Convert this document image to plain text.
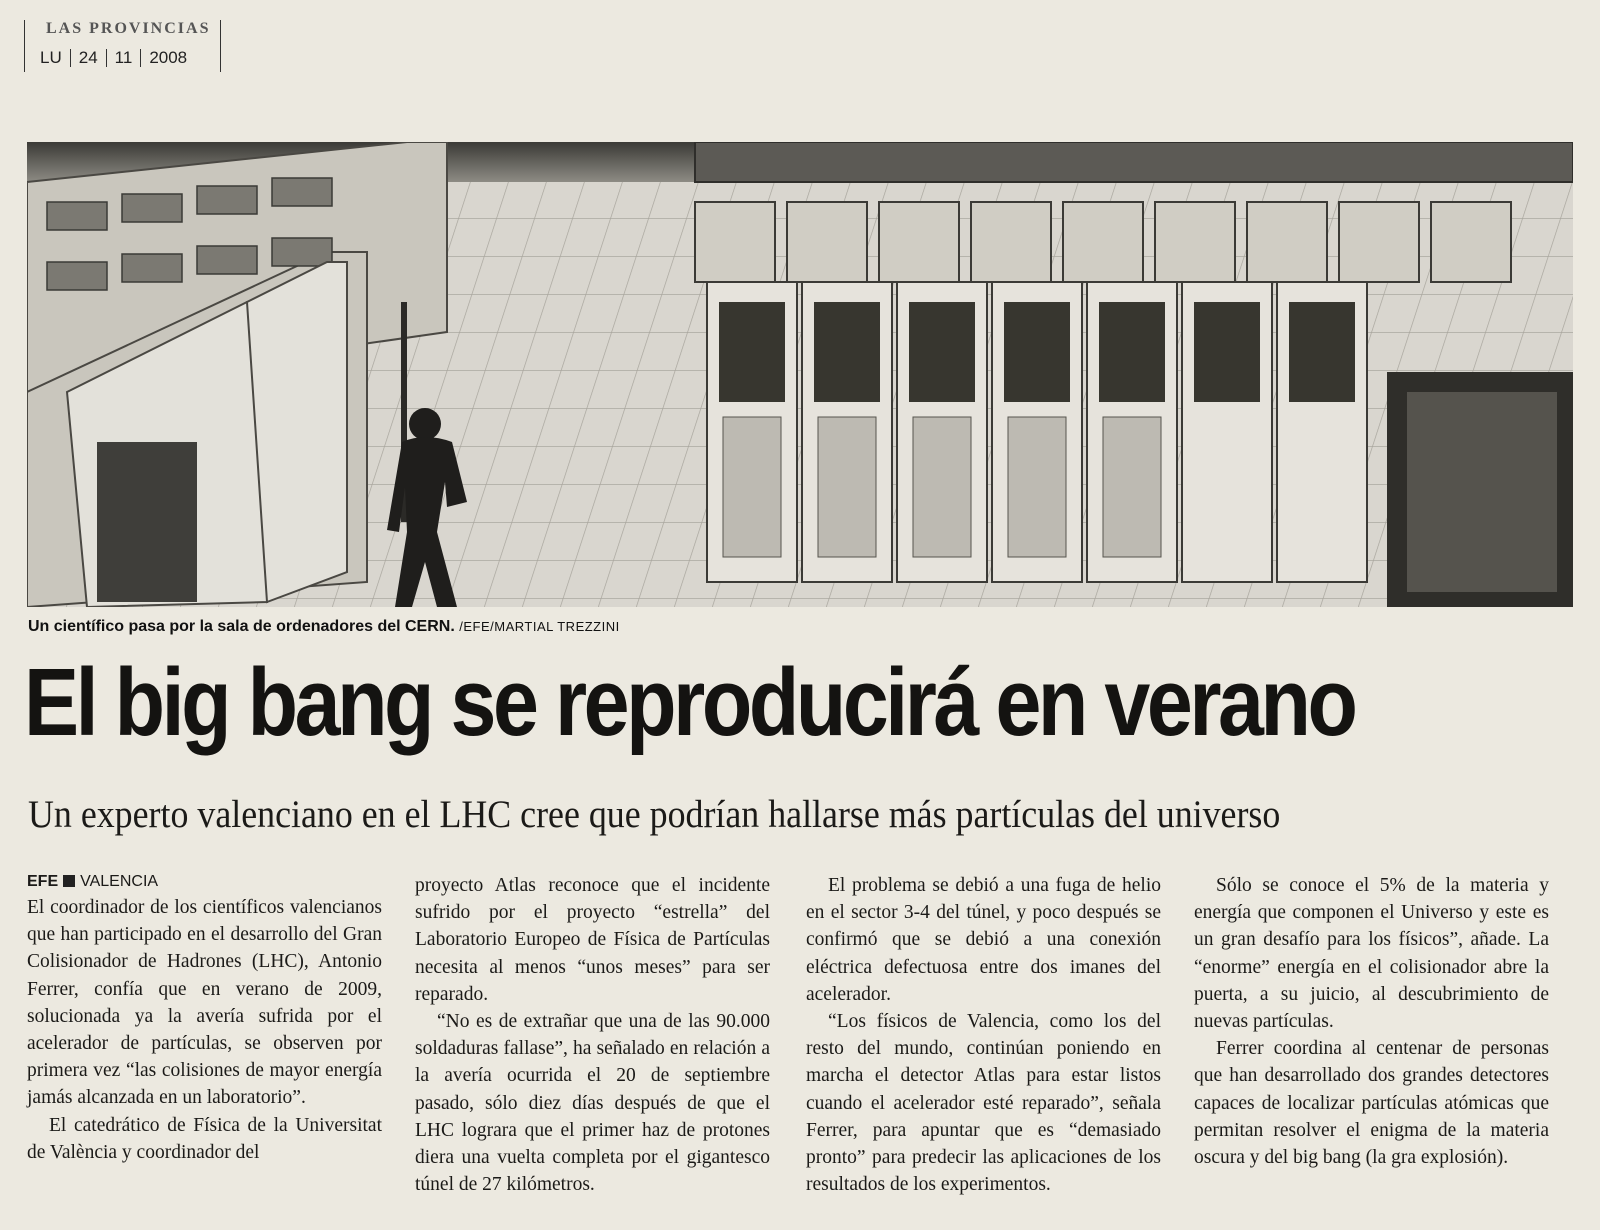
LAS PROVINCIAS
LU	24	11	2008
Un científico pasa por la sala de ordenadores del CERN. /EFE/MARTIAL TREZZINI
El big bang se reproducirá en verano
Un experto valenciano en el LHC cree que podrían hallarse más partículas del universo
EFE VALENCIA

El coordinador de los científicos valencianos que han participado en el desarrollo del Gran Colisionador de Hadrones (LHC), Antonio Ferrer, confía que en verano de 2009, solucionada ya la avería sufrida por el acelerador de partículas, se observen por primera vez “las colisiones de mayor energía jamás alcanzada en un laboratorio”.

El catedrático de Física de la Universitat de València y coordinador del

proyecto Atlas reconoce que el incidente sufrido por el proyecto “estrella” del Laboratorio Europeo de Física de Partículas necesita al menos “unos meses” para ser reparado.

“No es de extrañar que una de las 90.000 soldaduras fallase”, ha señalado en relación a la avería ocurrida el 20 de septiembre pasado, sólo diez días después de que el LHC lograra que el primer haz de protones diera una vuelta completa por el gigantesco túnel de 27 kilómetros.

El problema se debió a una fuga de helio en el sector 3-4 del túnel, y poco después se confirmó que se debió a una conexión eléctrica defectuosa entre dos imanes del acelerador.

“Los físicos de Valencia, como los del resto del mundo, continúan poniendo en marcha el detector Atlas para estar listos cuando el acelerador esté reparado”, señala Ferrer, para apuntar que es “demasiado pronto” para predecir las aplicaciones de los resultados de los experimentos.

Sólo se conoce el 5% de la materia y energía que componen el Universo y este es un gran desafío para los físicos”, añade. La “enorme” energía en el colisionador abre la puerta, a su juicio, al descubrimiento de nuevas partículas.

Ferrer coordina al centenar de personas que han desarrollado dos grandes detectores capaces de localizar partículas atómicas que permitan resolver el enigma de la materia oscura y del big bang (la gra explosión).
